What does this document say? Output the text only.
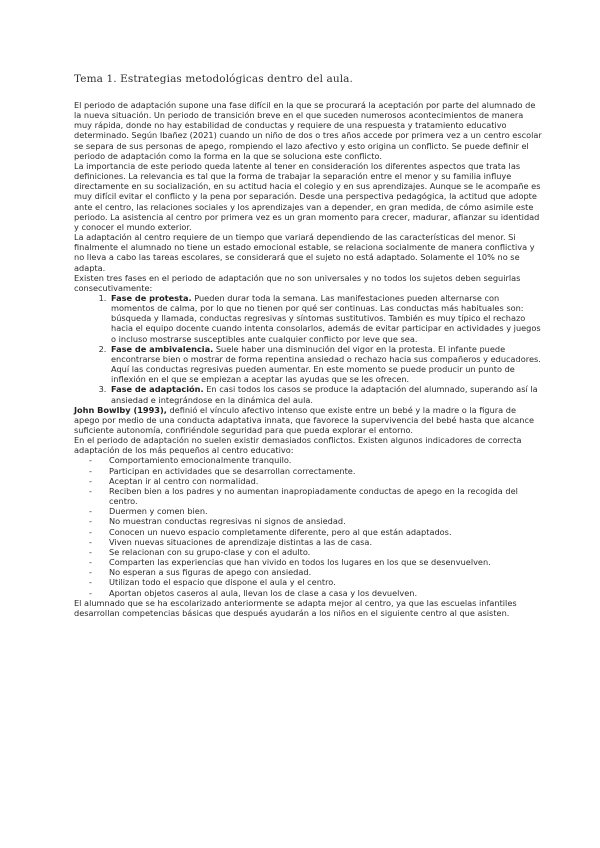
Tema 1. Estrategias metodológicas dentro del aula.

El periodo de adaptación supone una fase difícil en la que se procurará la aceptación por parte del alumnado de la nueva situación. Un periodo de transición breve en el que suceden numerosos acontecimientos de manera muy rápida, donde no hay estabilidad de conductas y requiere de una respuesta y tratamiento educativo determinado. Según Ibañez (2021) cuando un niño de dos o tres años accede por primera vez a un centro escolar se separa de sus personas de apego, rompiendo el lazo afectivo y esto origina un conflicto. Se puede definir el periodo de adaptación como la forma en la que se soluciona este conflicto.

La importancia de este periodo queda latente al tener en consideración los diferentes aspectos que trata las definiciones. La relevancia es tal que la forma de trabajar la separación entre el menor y su familia influye directamente en su socialización, en su actitud hacia el colegio y en sus aprendizajes. Aunque se le acompañe es muy difícil evitar el conflicto y la pena por separación. Desde una perspectiva pedagógica, la actitud que adopte ante el centro, las relaciones sociales y los aprendizajes van a depender, en gran medida, de cómo asimile este periodo. La asistencia al centro por primera vez es un gran momento para crecer, madurar, afianzar su identidad y conocer el mundo exterior.

La adaptación al centro requiere de un tiempo que variará dependiendo de las características del menor. Si finalmente el alumnado no tiene un estado emocional estable, se relaciona socialmente de manera conflictiva y no lleva a cabo las tareas escolares, se considerará que el sujeto no está adaptado. Solamente el 10% no se adapta.

Existen tres fases en el periodo de adaptación que no son universales y no todos los sujetos deben seguirlas consecutivamente:

1. Fase de protesta. Pueden durar toda la semana. Las manifestaciones pueden alternarse con momentos de calma, por lo que no tienen por qué ser continuas. Las conductas más habituales son: búsqueda y llamada, conductas regresivas y síntomas sustitutivos. También es muy típico el rechazo hacia el equipo docente cuando intenta consolarlos, además de evitar participar en actividades y juegos o incluso mostrarse susceptibles ante cualquier conflicto por leve que sea.
2. Fase de ambivalencia. Suele haber una disminución del vigor en la protesta. El infante puede encontrarse bien o mostrar de forma repentina ansiedad o rechazo hacia sus compañeros y educadores. Aquí las conductas regresivas pueden aumentar. En este momento se puede producir un punto de inflexión en el que se empiezan a aceptar las ayudas que se les ofrecen.
3. Fase de adaptación. En casi todos los casos se produce la adaptación del alumnado, superando así la ansiedad e integrándose en la dinámica del aula.

John Bowlby (1993), definió el vínculo afectivo intenso que existe entre un bebé y la madre o la figura de apego por medio de una conducta adaptativa innata, que favorece la supervivencia del bebé hasta que alcance suficiente autonomía, confiriéndole seguridad para que pueda explorar el entorno.

En el periodo de adaptación no suelen existir demasiados conflictos. Existen algunos indicadores de correcta adaptación de los más pequeños al centro educativo:

- Comportamiento emocionalmente tranquilo.
- Participan en actividades que se desarrollan correctamente.
- Aceptan ir al centro con normalidad.
- Reciben bien a los padres y no aumentan inapropiadamente conductas de apego en la recogida del centro.
- Duermen y comen bien.
- No muestran conductas regresivas ni signos de ansiedad.
- Conocen un nuevo espacio completamente diferente, pero al que están adaptados.
- Viven nuevas situaciones de aprendizaje distintas a las de casa.
- Se relacionan con su grupo-clase y con el adulto.
- Comparten las experiencias que han vivido en todos los lugares en los que se desenvuelven.
- No esperan a sus figuras de apego con ansiedad.
- Utilizan todo el espacio que dispone el aula y el centro.
- Aportan objetos caseros al aula, llevan los de clase a casa y los devuelven.

El alumnado que se ha escolarizado anteriormente se adapta mejor al centro, ya que las escuelas infantiles desarrollan competencias básicas que después ayudarán a los niños en el siguiente centro al que asisten.
